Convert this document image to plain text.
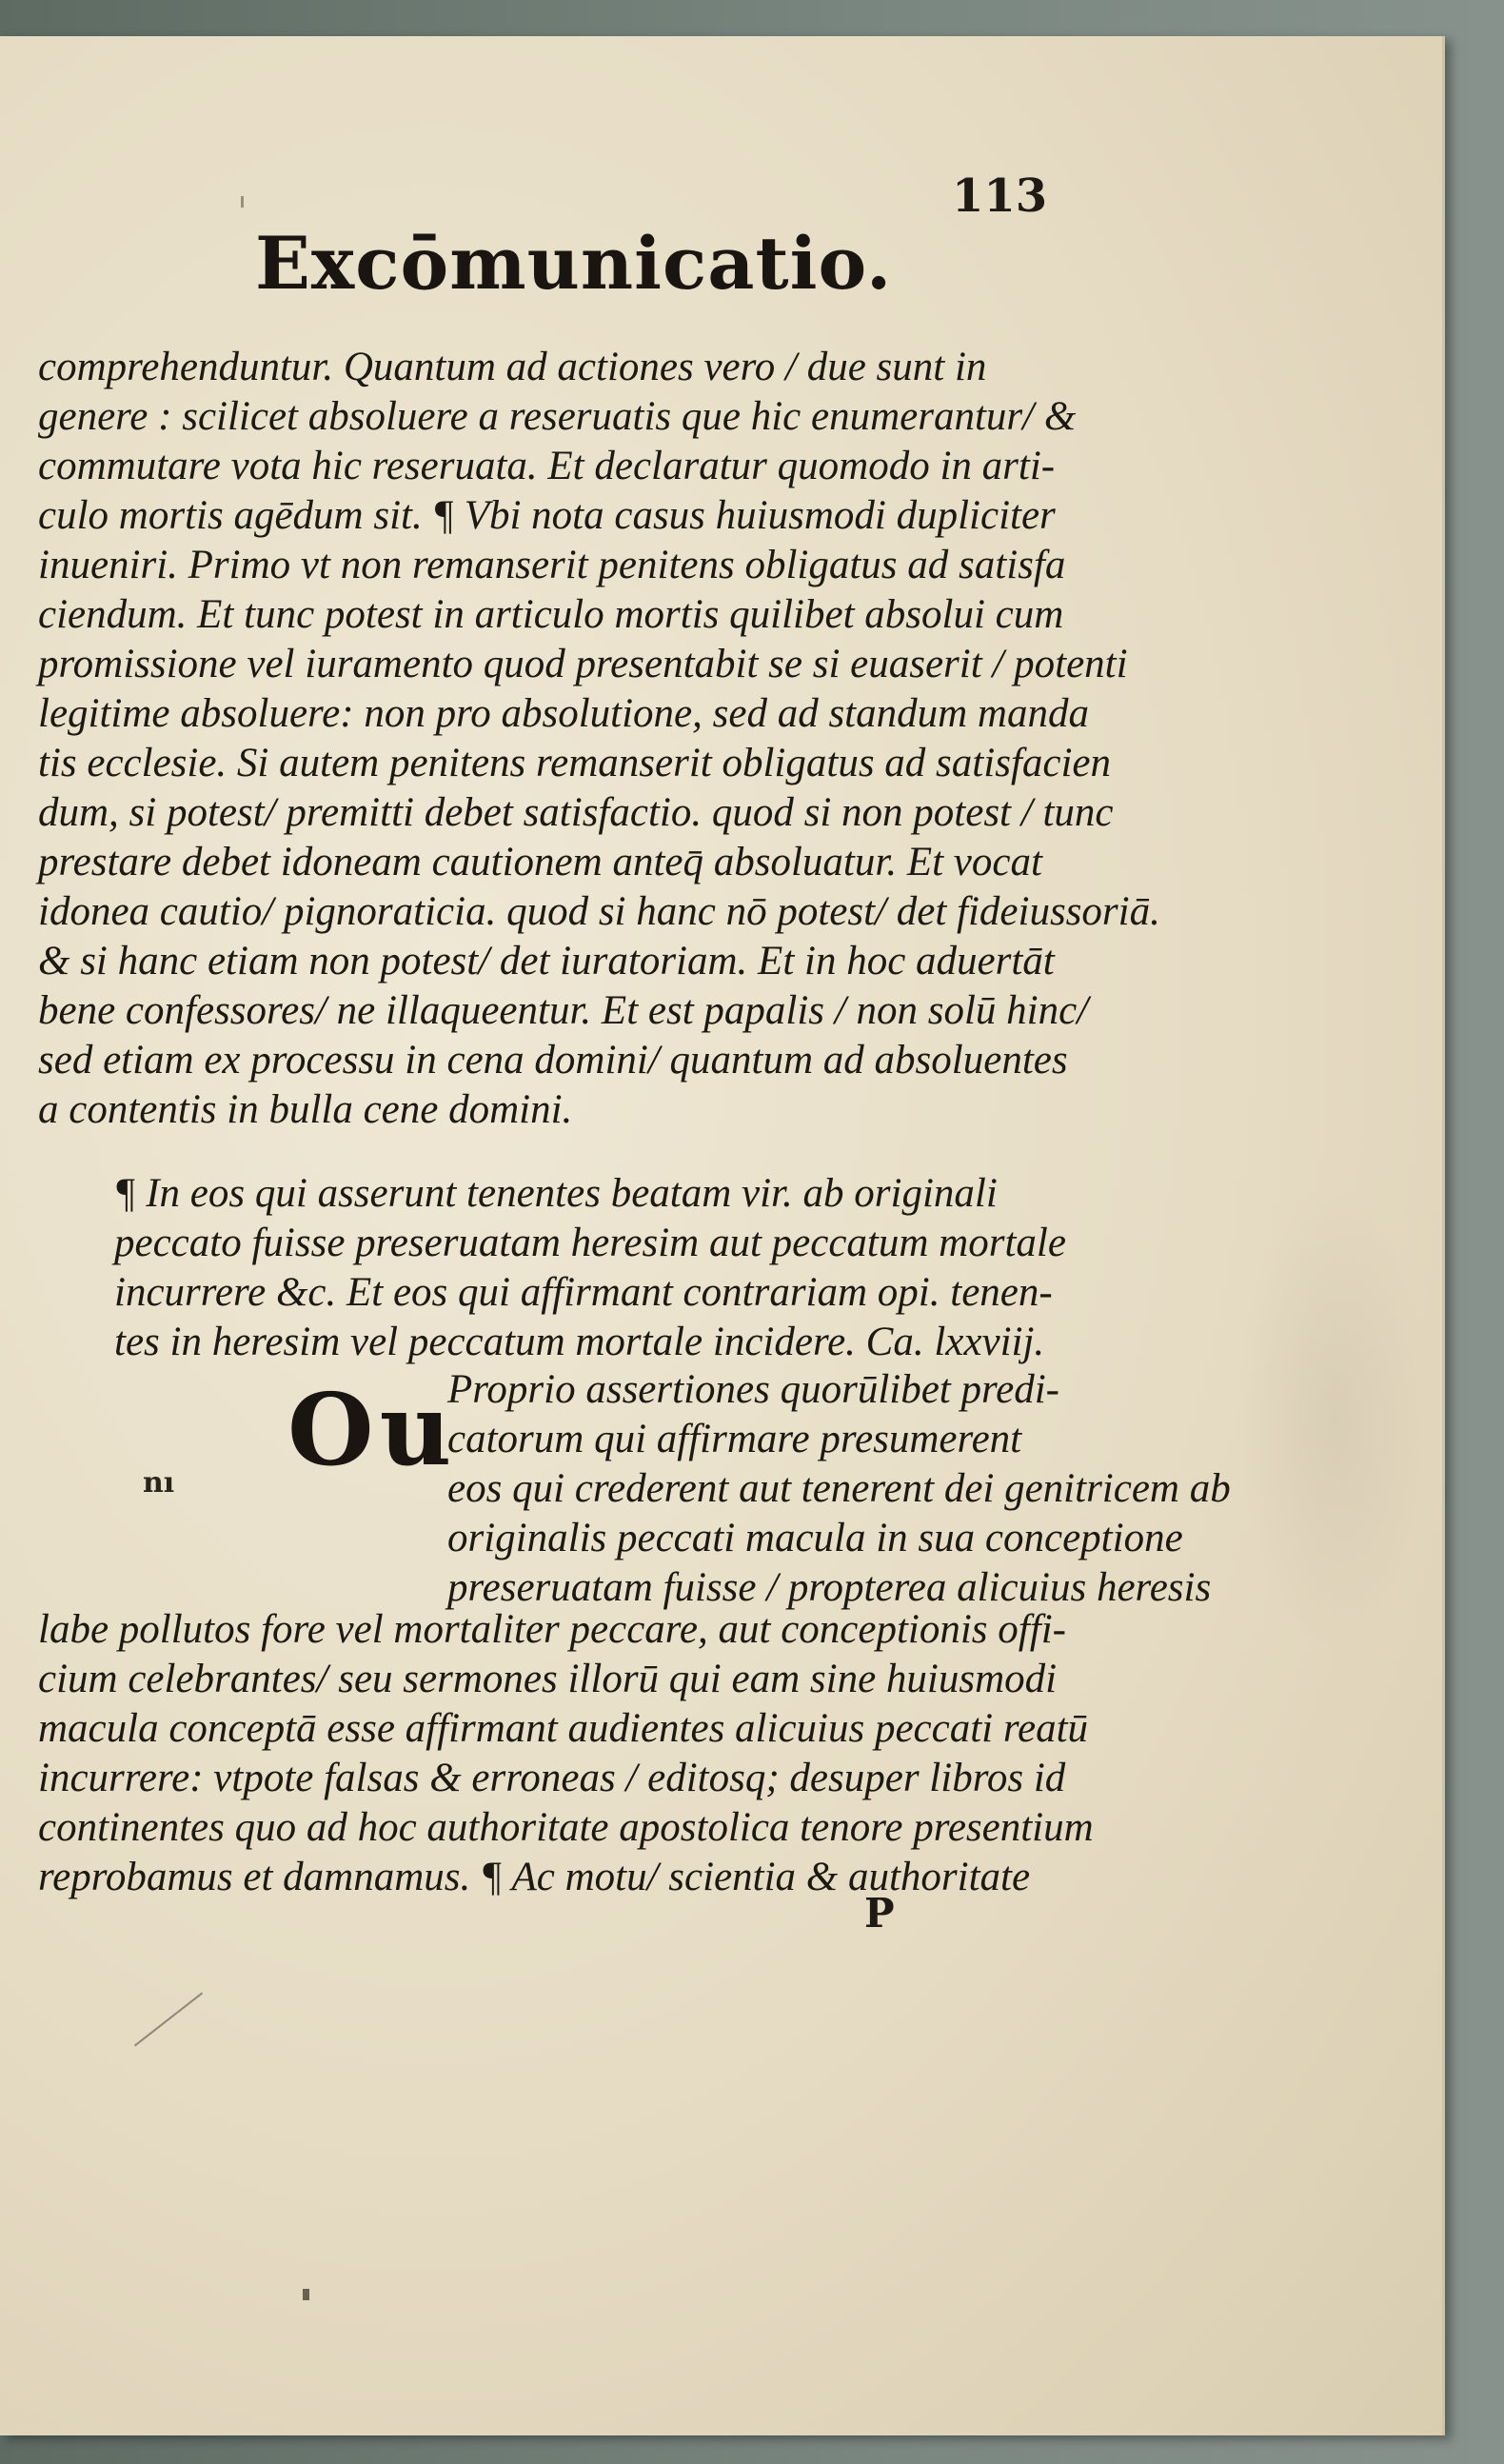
113
Excōmunicatio.
comprehenduntur. Quantum ad actiones vero / due sunt in
genere : scilicet absoluere a reseruatis que hic enumerantur/ &
commutare vota hic reseruata. Et declaratur quomodo in arti-
culo mortis agēdum sit. ¶ Vbi nota casus huiusmodi dupliciter
inueniri. Primo vt non remanserit penitens obligatus ad satisfa
ciendum. Et tunc potest in articulo mortis quilibet absolui cum
promissione vel iuramento quod presentabit se si euaserit / potenti
legitime absoluere: non pro absolutione, sed ad standum manda
tis ecclesie. Si autem penitens remanserit obligatus ad satisfacien
dum, si potest/ premitti debet satisfactio. quod si non potest / tunc
prestare debet idoneam cautionem anteq̄ absoluatur. Et vocat
idonea cautio/ pignoraticia. quod si hanc nō potest/ det fideiussoriā.
& si hanc etiam non potest/ det iuratoriam. Et in hoc aduertāt
bene confessores/ ne illaqueentur. Et est papalis / non solū hinc/
sed etiam ex processu in cena domini/ quantum ad absoluentes
a contentis in bulla cene domini.
¶ In eos qui asserunt tenentes beatam vir. ab originali
peccato fuisse preseruatam heresim aut peccatum mortale
incurrere &c. Et eos qui affirmant contrariam opi. tenen-
tes in heresim vel peccatum mortale incidere. Ca. lxxviij.
Ou
Proprio assertiones quorūlibet predi-
catorum qui affirmare presumerent
eos qui crederent aut tenerent dei genitricem ab
originalis peccati macula in sua conceptione
preseruatam fuisse / propterea alicuius heresis
nı
labe pollutos fore vel mortaliter peccare, aut conceptionis offi-
cium celebrantes/ seu sermones illorū qui eam sine huiusmodi
macula conceptā esse affirmant audientes alicuius peccati reatū
incurrere: vtpote falsas & erroneas / editosq; desuper libros id
continentes quo ad hoc authoritate apostolica tenore presentium
reprobamus et damnamus. ¶ Ac motu/ scientia & authoritate
P
